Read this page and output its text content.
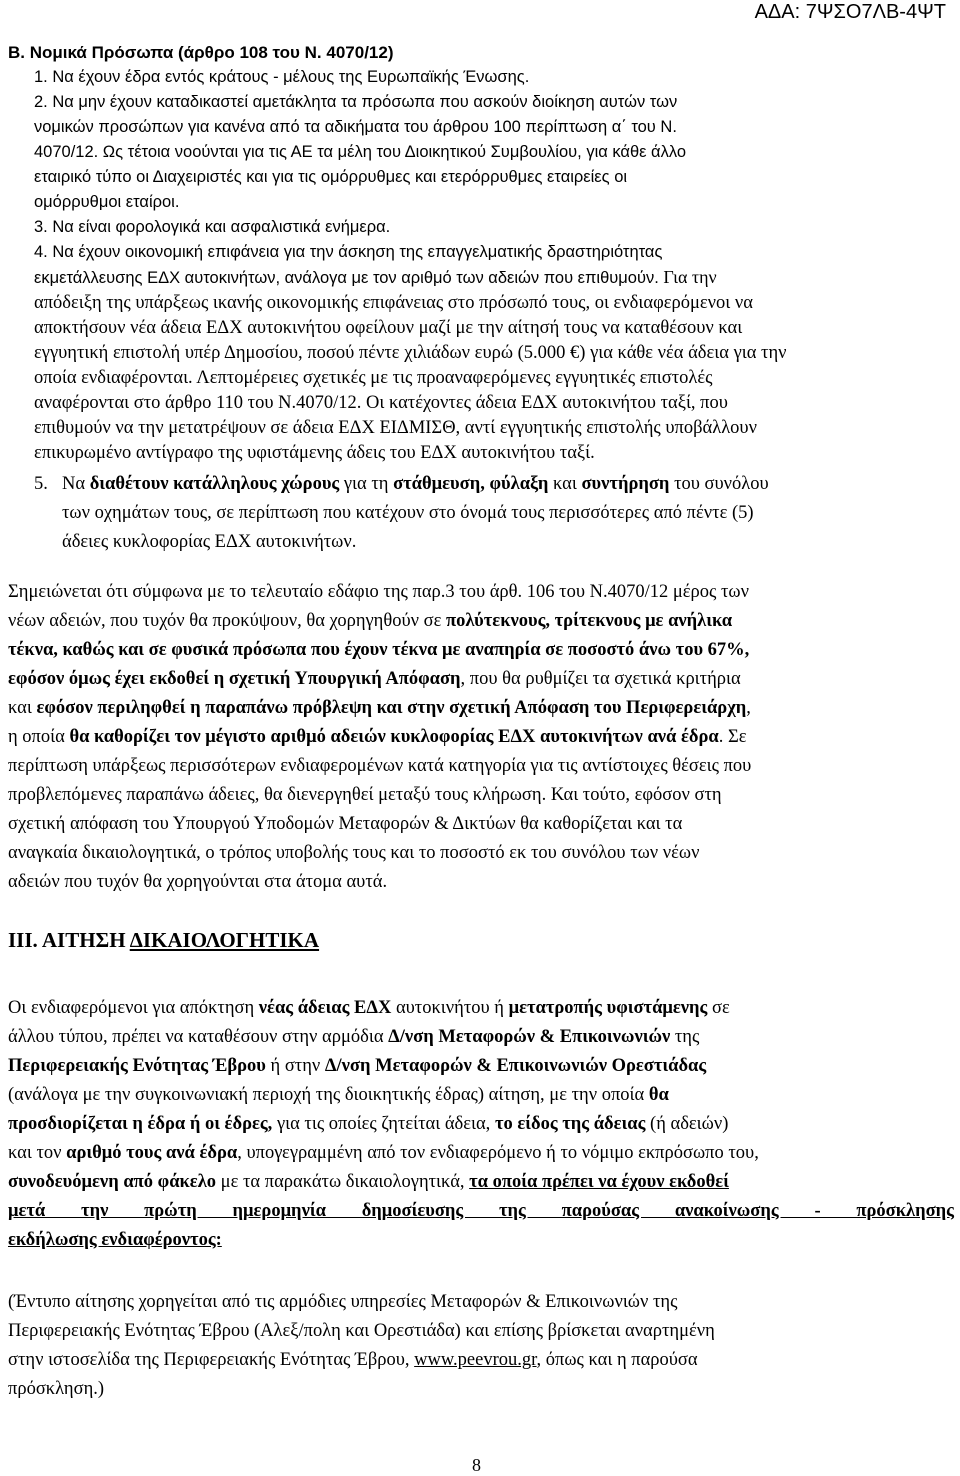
ΑΔΑ: 7ΨΣΟ7ΛΒ-4ΨΤ
Β. Νομικά Πρόσωπα (άρθρο 108 του Ν. 4070/12)
1. Να έχουν έδρα εντός κράτους - μέλους της Ευρωπαϊκής Ένωσης.
2. Να μην έχουν καταδικαστεί αμετάκλητα τα πρόσωπα που ασκούν διοίκηση αυτών των
νομικών προσώπων για κανένα από τα αδικήματα του άρθρου 100 περίπτωση α΄ του Ν.
4070/12. Ως τέτοια νοούνται για τις ΑΕ τα μέλη του Διοικητικού Συμβουλίου, για κάθε άλλο
εταιρικό τύπο οι Διαχειριστές και για τις ομόρρυθμες και ετερόρρυθμες εταιρείες οι
ομόρρυθμοι εταίροι.
3. Να είναι φορολογικά και ασφαλιστικά ενήμερα.
4. Να έχουν οικονομική επιφάνεια για την άσκηση της επαγγελματικής δραστηριότητας
εκμετάλλευσης ΕΔΧ αυτοκινήτων, ανάλογα με τον αριθμό των αδειών που επιθυμούν. Για την
απόδειξη της υπάρξεως ικανής οικονομικής επιφάνειας στο πρόσωπό τους, οι ενδιαφερόμενοι να
αποκτήσουν νέα άδεια ΕΔΧ αυτοκινήτου οφείλουν μαζί με την αίτησή τους να καταθέσουν και
εγγυητική επιστολή υπέρ Δημοσίου, ποσού πέντε χιλιάδων ευρώ (5.000 €) για κάθε νέα άδεια για την
οποία ενδιαφέρονται. Λεπτομέρειες σχετικές με τις προαναφερόμενες εγγυητικές επιστολές
αναφέρονται στο άρθρο 110 του Ν.4070/12. Οι κατέχοντες άδεια ΕΔΧ αυτοκινήτου ταξί, που
επιθυμούν να την μετατρέψουν σε άδεια ΕΔΧ ΕΙΔΜΙΣΘ, αντί εγγυητικής επιστολής υποβάλλουν
επικυρωμένο αντίγραφο της υφιστάμενης άδεις του ΕΔΧ αυτοκινήτου ταξί.
5. Να διαθέτουν κατάλληλους χώρους για τη στάθμευση, φύλαξη και συντήρηση του συνόλου
των οχημάτων τους, σε περίπτωση που κατέχουν στο όνομά τους περισσότερες από πέντε (5)
άδειες κυκλοφορίας ΕΔΧ αυτοκινήτων.
Σημειώνεται ότι σύμφωνα με το τελευταίο εδάφιο της παρ.3 του άρθ. 106 του Ν.4070/12 μέρος των
νέων αδειών, που τυχόν θα προκύψουν, θα χορηγηθούν σε πολύτεκνους, τρίτεκνους με ανήλικα
τέκνα, καθώς και σε φυσικά πρόσωπα που έχουν τέκνα με αναπηρία σε ποσοστό άνω του 67%,
εφόσον όμως έχει εκδοθεί η σχετική Υπουργική Απόφαση, που θα ρυθμίζει τα σχετικά κριτήρια
και εφόσον περιληφθεί η παραπάνω πρόβλεψη και στην σχετική Απόφαση του Περιφερειάρχη,
η οποία θα καθορίζει τον μέγιστο αριθμό αδειών κυκλοφορίας ΕΔΧ αυτοκινήτων ανά έδρα. Σε
περίπτωση υπάρξεως περισσότερων ενδιαφερομένων κατά κατηγορία για τις αντίστοιχες θέσεις που
προβλεπόμενες παραπάνω άδειες, θα διενεργηθεί μεταξύ τους κλήρωση. Και τούτο, εφόσον στη
σχετική απόφαση του Υπουργού Υποδομών Μεταφορών & Δικτύων θα καθορίζεται και τα
αναγκαία δικαιολογητικά, ο τρόπος υποβολής τους και το ποσοστό εκ του συνόλου των νέων
αδειών που τυχόν θα χορηγούνται στα άτομα αυτά.
ΙΙΙ. ΑΙΤΗΣΗ ΔΙΚΑΙΟΛΟΓΗΤΙΚΑ
Οι ενδιαφερόμενοι για απόκτηση νέας άδειας ΕΔΧ αυτοκινήτου ή μετατροπής υφιστάμενης σε
άλλου τύπου, πρέπει να καταθέσουν στην αρμόδια Δ/νση Μεταφορών & Επικοινωνιών της
Περιφερειακής Ενότητας Έβρου ή στην Δ/νση Μεταφορών & Επικοινωνιών Ορεστιάδας
(ανάλογα με την συγκοινωνιακή περιοχή της διοικητικής έδρας) αίτηση, με την οποία θα
προσδιορίζεται η έδρα ή οι έδρες, για τις οποίες ζητείται άδεια, το είδος της άδειας (ή αδειών)
και τον αριθμό τους ανά έδρα, υπογεγραμμένη από τον ενδιαφερόμενο ή το νόμιμο εκπρόσωπο του,
συνοδευόμενη από φάκελο με τα παρακάτω δικαιολογητικά, τα οποία πρέπει να έχουν εκδοθεί
μετά την πρώτη ημερομηνία δημοσίευσης της παρούσας ανακοίνωσης - πρόσκλησης
εκδήλωσης ενδιαφέροντος:
(Έντυπο αίτησης χορηγείται από τις αρμόδιες υπηρεσίες Μεταφορών & Επικοινωνιών της
Περιφερειακής Ενότητας Έβρου (Αλεξ/πολη και Ορεστιάδα) και επίσης βρίσκεται αναρτημένη
στην ιστοσελίδα της Περιφερειακής Ενότητας Έβρου, www.peevrou.gr, όπως και η παρούσα
πρόσκληση.)
8
